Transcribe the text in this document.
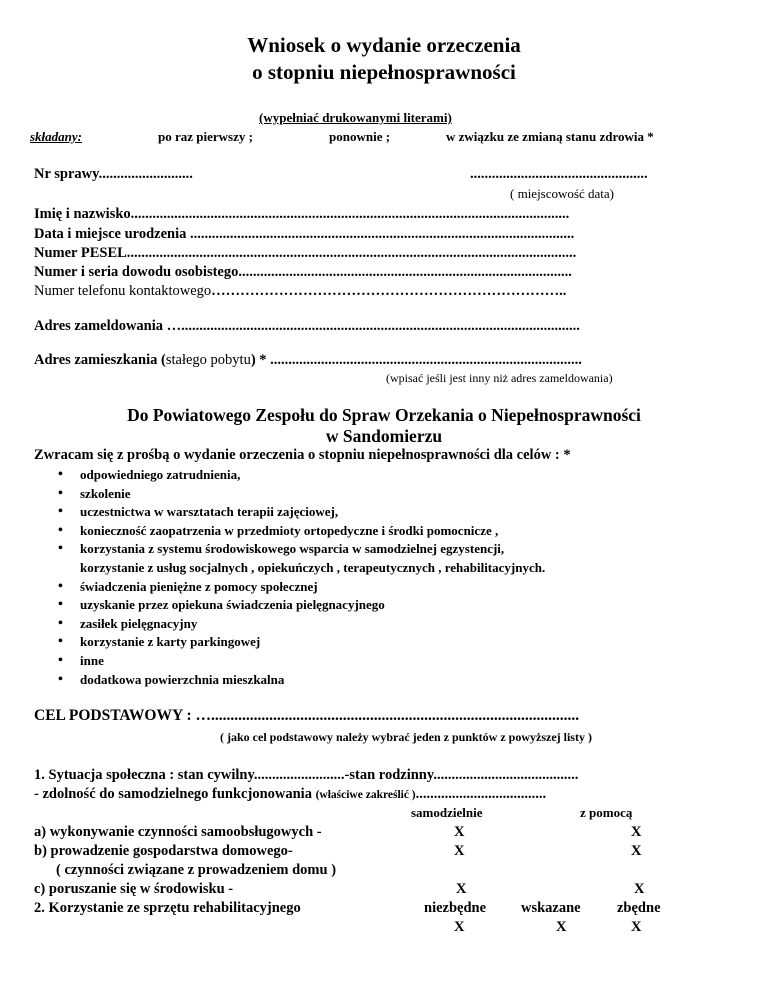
Wniosek o wydanie orzeczenia
o stopniu niepełnosprawności
(wypełniać drukowanymi literami)
składany:	po raz pierwszy ;	ponownie ;	w związku ze zmianą stanu zdrowia *
Nr sprawy..........................	.................................................
( miejscowość data)
Imię i nazwisko.........................................................................................................................
Data i miejsce urodzenia ..........................................................................................................
Numer PESEL............................................................................................................................
Numer i seria dowodu osobistego............................................................................................
Numer telefonu kontaktowego………………………………………………………………..
Adres zameldowania …..............................................................................................................
Adres zamieszkania (stałego pobytu) * ......................................................................................
(wpisać jeśli jest inny niż adres zameldowania)
Do Powiatowego Zespołu do Spraw Orzekania o Niepełnosprawności
w Sandomierzu
Zwracam się z prośbą o wydanie orzeczenia o stopniu niepełnosprawności dla celów : *
• odpowiedniego zatrudnienia,
• szkolenie
• uczestnictwa w warsztatach terapii zajęciowej,
• konieczność zaopatrzenia w przedmioty ortopedyczne i środki pomocnicze ,
• korzystania z systemu środowiskowego wsparcia w samodzielnej egzystencji,
korzystanie z usług socjalnych , opiekuńczych , terapeutycznych , rehabilitacyjnych.
• świadczenia pieniężne z pomocy społecznej
• uzyskanie przez opiekuna świadczenia pielęgnacyjnego
• zasiłek pielęgnacyjny
• korzystanie z karty parkingowej
• inne
• dodatkowa powierzchnia mieszkalna
CEL PODSTAWOWY : …...............................................................................................
( jako cel podstawowy należy wybrać jeden z punktów z powyższej listy )
1. Sytuacja społeczna : stan cywilny.........................-stan rodzinny........................................
- zdolność do samodzielnego funkcjonowania (właściwe zakreślić )....................................
samodzielnie	z pomocą
a) wykonywanie czynności samoobsługowych -	X	X
b) prowadzenie gospodarstwa domowego-	X	X
( czynności związane z prowadzeniem domu )
c) poruszanie się w środowisku -	X	X
2. Korzystanie ze sprzętu rehabilitacyjnego	niezbędne wskazane	zbędne
X	X	X
